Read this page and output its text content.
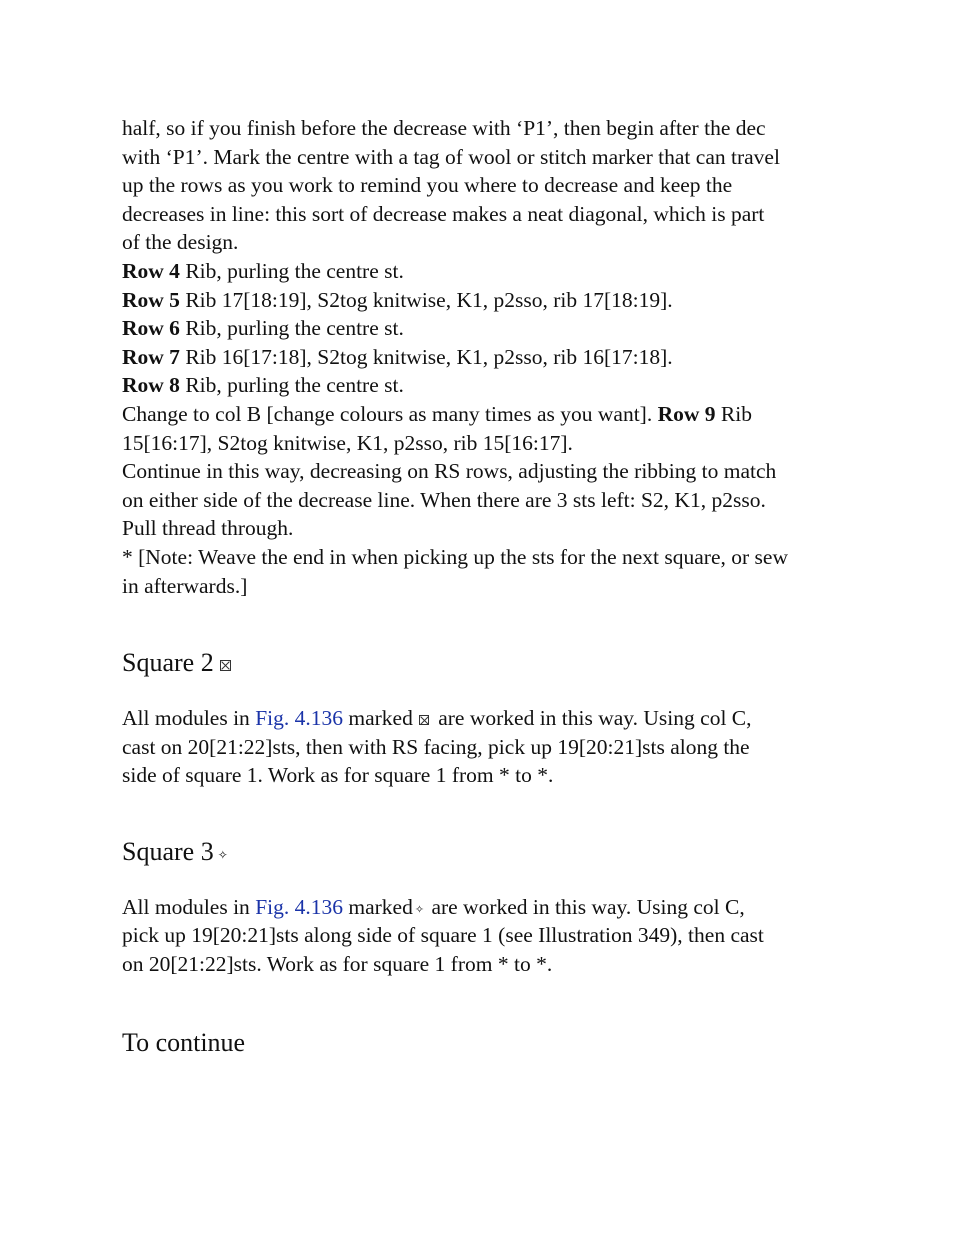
half, so if you finish before the decrease with ‘P1’, then begin after the dec
with ‘P1’. Mark the centre with a tag of wool or stitch marker that can travel
up the rows as you work to remind you where to decrease and keep the
decreases in line: this sort of decrease makes a neat diagonal, which is part
of the design.
Row 4 Rib, purling the centre st.
Row 5 Rib 17[18:19], S2tog knitwise, K1, p2sso, rib 17[18:19].
Row 6 Rib, purling the centre st.
Row 7 Rib 16[17:18], S2tog knitwise, K1, p2sso, rib 16[17:18].
Row 8 Rib, purling the centre st.
Change to col B [change colours as many times as you want]. Row 9 Rib
15[16:17], S2tog knitwise, K1, p2sso, rib 15[16:17].
Continue in this way, decreasing on RS rows, adjusting the ribbing to match
on either side of the decrease line. When there are 3 sts left: S2, K1, p2sso.
Pull thread through.
* [Note: Weave the end in when picking up the sts for the next square, or sew
in afterwards.]
Square 2
All modules in Fig. 4.136 marked are worked in this way. Using col C,
cast on 20[21:22]sts, then with RS facing, pick up 19[20:21]sts along the
side of square 1. Work as for square 1 from * to *.
Square 3 ✧
All modules in Fig. 4.136 marked ✧ are worked in this way. Using col C,
pick up 19[20:21]sts along side of square 1 (see Illustration 349), then cast
on 20[21:22]sts. Work as for square 1 from * to *.
To continue
